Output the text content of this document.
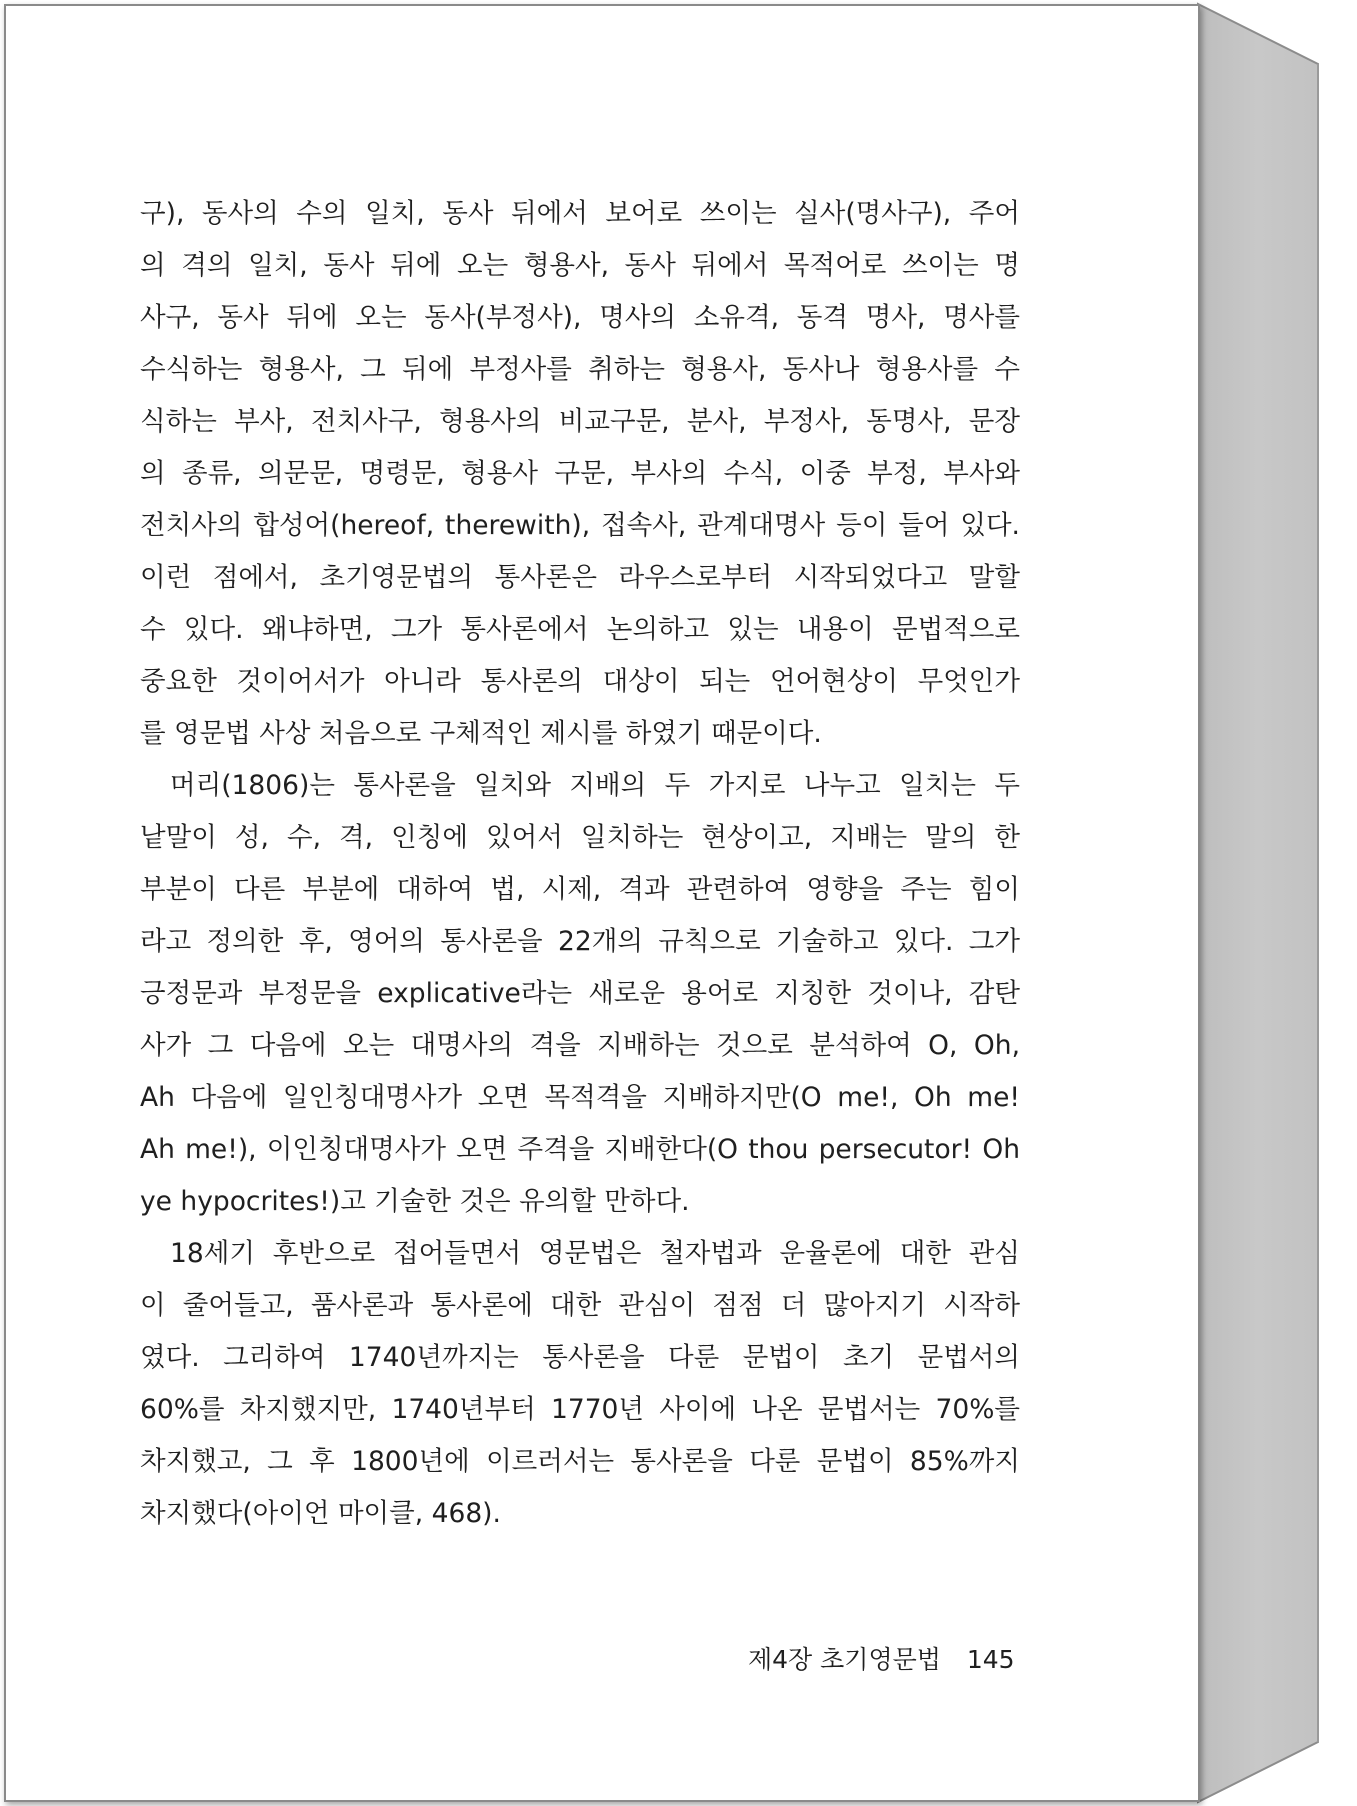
구), 동사의 수의 일치, 동사 뒤에서 보어로 쓰이는 실사(명사구), 주어
의 격의 일치, 동사 뒤에 오는 형용사, 동사 뒤에서 목적어로 쓰이는 명
사구, 동사 뒤에 오는 동사(부정사), 명사의 소유격, 동격 명사, 명사를
수식하는 형용사, 그 뒤에 부정사를 취하는 형용사, 동사나 형용사를 수
식하는 부사, 전치사구, 형용사의 비교구문, 분사, 부정사, 동명사, 문장
의 종류, 의문문, 명령문, 형용사 구문, 부사의 수식, 이중 부정, 부사와
전치사의 합성어(hereof, therewith), 접속사, 관계대명사 등이 들어 있다.
이런 점에서, 초기영문법의 통사론은 라우스로부터 시작되었다고 말할
수 있다. 왜냐하면, 그가 통사론에서 논의하고 있는 내용이 문법적으로
중요한 것이어서가 아니라 통사론의 대상이 되는 언어현상이 무엇인가
를 영문법 사상 처음으로 구체적인 제시를 하였기 때문이다.
머리(1806)는 통사론을 일치와 지배의 두 가지로 나누고 일치는 두
낱말이 성, 수, 격, 인칭에 있어서 일치하는 현상이고, 지배는 말의 한
부분이 다른 부분에 대하여 법, 시제, 격과 관련하여 영향을 주는 힘이
라고 정의한 후, 영어의 통사론을 22개의 규칙으로 기술하고 있다. 그가
긍정문과 부정문을 explicative라는 새로운 용어로 지칭한 것이나, 감탄
사가 그 다음에 오는 대명사의 격을 지배하는 것으로 분석하여 O, Oh,
Ah 다음에 일인칭대명사가 오면 목적격을 지배하지만(O me!, Oh me!
Ah me!), 이인칭대명사가 오면 주격을 지배한다(O thou persecutor! Oh
ye hypocrites!)고 기술한 것은 유의할 만하다.
18세기 후반으로 접어들면서 영문법은 철자법과 운율론에 대한 관심
이 줄어들고, 품사론과 통사론에 대한 관심이 점점 더 많아지기 시작하
였다. 그리하여 1740년까지는 통사론을 다룬 문법이 초기 문법서의
60%를 차지했지만, 1740년부터 1770년 사이에 나온 문법서는 70%를
차지했고, 그 후 1800년에 이르러서는 통사론을 다룬 문법이 85%까지
차지했다(아이언 마이클, 468).
제4장 초기영문법 145
